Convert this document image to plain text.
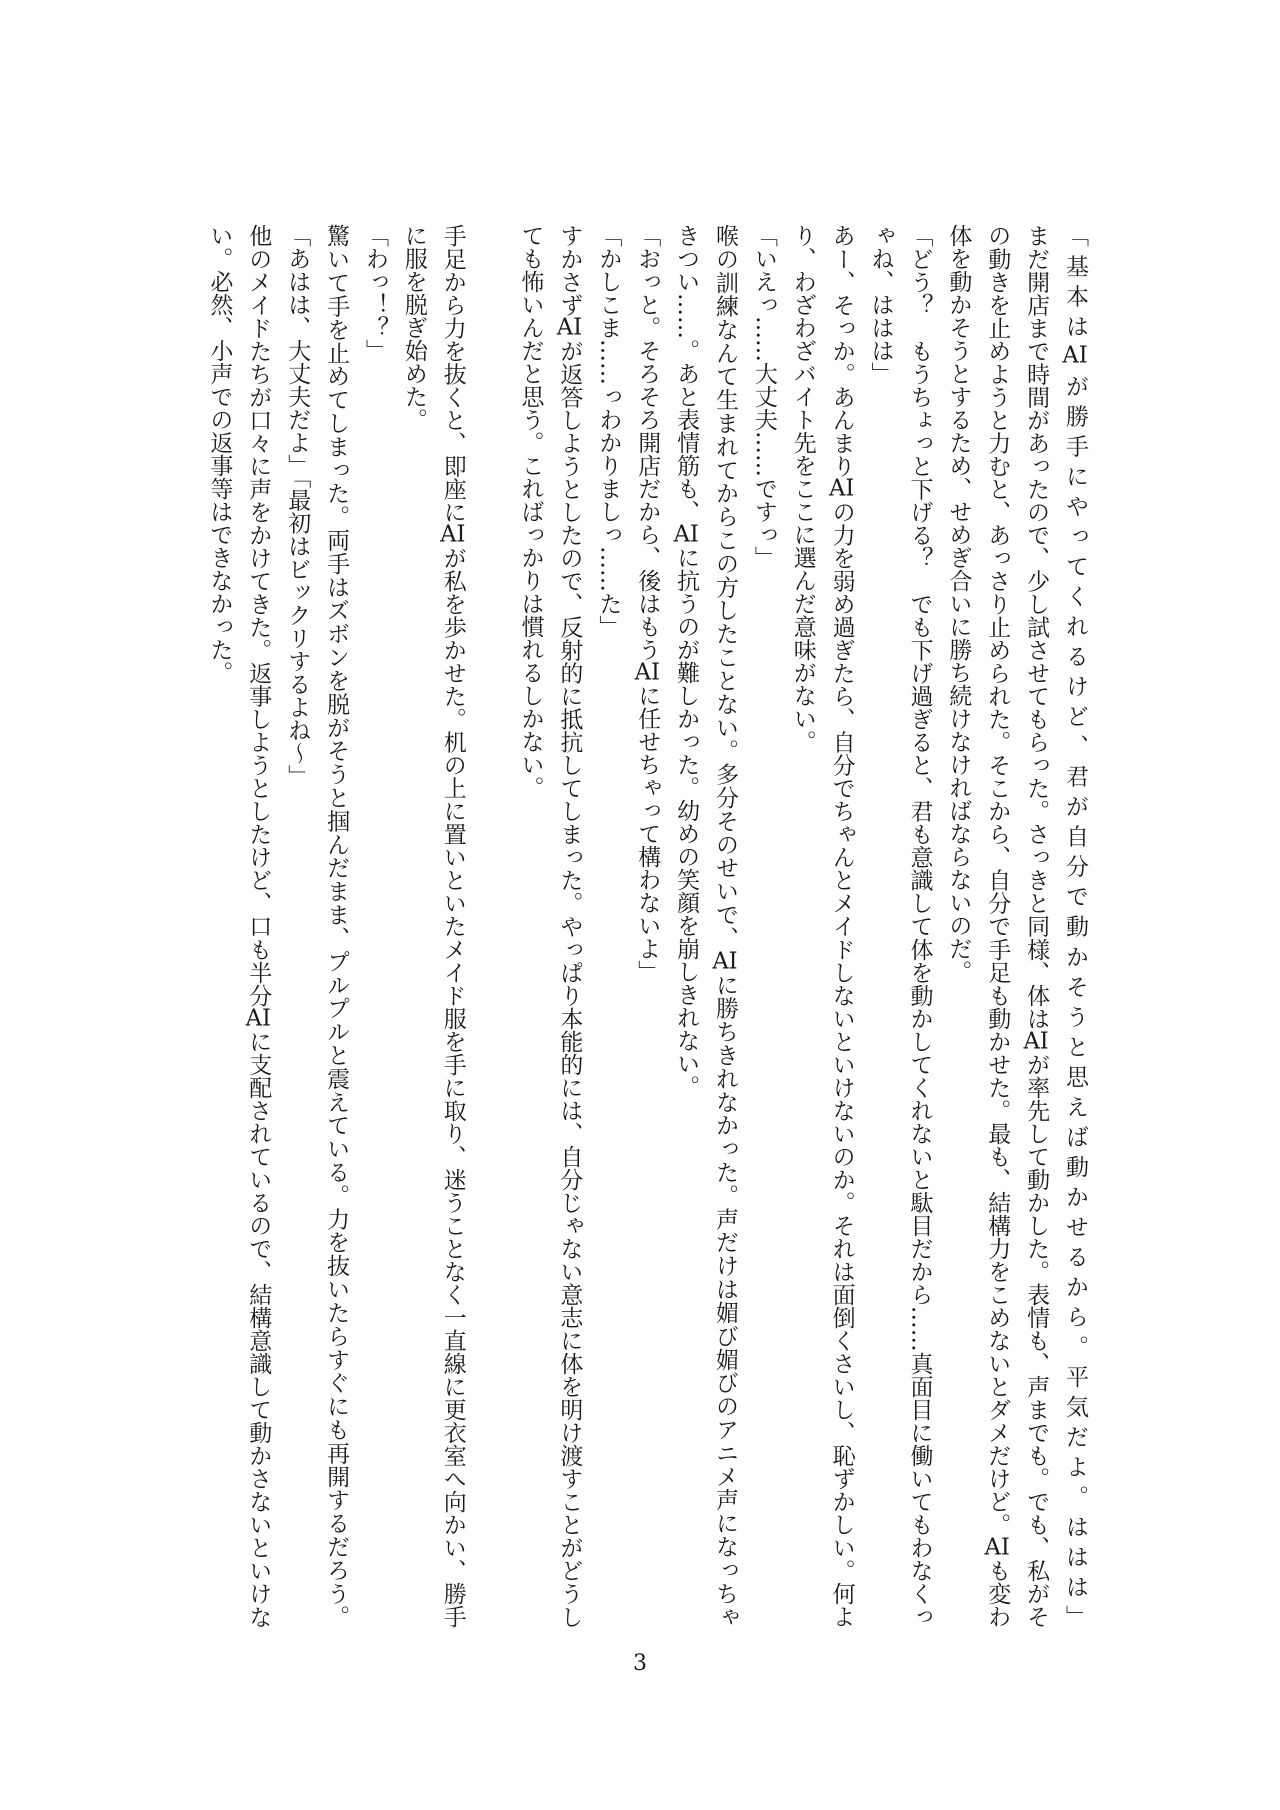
「基本はAIが勝手にやってくれるけど、君が自分で動かそうと思えば動かせるから。平気だよ。ははは」
まだ開店まで時間があったので、少し試させてもらった。さっきと同様、体はAIが率先して動かした。表情も、声までも。でも、私がそ
の動きを止めようと力むと、あっさり止められた。そこから、自分で手足も動かせた。最も、結構力をこめないとダメだけど。AIも変わ
体を動かそうとするため、せめぎ合いに勝ち続けなければならないのだ。
「どう？　もうちょっと下げる？　でも下げ過ぎると、君も意識して体を動かしてくれないと駄目だから……真面目に働いてもわなくっ
ゃね、ははは」
あー、そっか。あんまりAIの力を弱め過ぎたら、自分でちゃんとメイドしないといけないのか。それは面倒くさいし、恥ずかしい。何よ
り、わざわざバイト先をここに選んだ意味がない。
「いえっ……大丈夫……ですっ」
喉の訓練なんて生まれてからこの方したことない。多分そのせいで、AIに勝ちきれなかった。声だけは媚び媚びのアニメ声になっちゃ
きつい……。あと表情筋も、AIに抗うのが難しかった。幼めの笑顔を崩しきれない。
「おっと。そろそろ開店だから、後はもうAIに任せちゃって構わないよ」
「かしこま……っわかりましっ……た」
すかさずAIが返答しようとしたので、反射的に抵抗してしまった。やっぱり本能的には、自分じゃない意志に体を明け渡すことがどうし
ても怖いんだと思う。こればっかりは慣れるしかない。
手足から力を抜くと、即座にAIが私を歩かせた。机の上に置いといたメイド服を手に取り、迷うことなく一直線に更衣室へ向かい、勝手
に服を脱ぎ始めた。
「わっ！？」
驚いて手を止めてしまった。両手はズボンを脱がそうと掴んだまま、プルプルと震えている。力を抜いたらすぐにも再開するだろう。
「あはは、大丈夫だよ」「最初はビックリするよね～」
他のメイドたちが口々に声をかけてきた。返事しようとしたけど、口も半分AIに支配されているので、結構意識して動かさないといけな
い。必然、小声での返事等はできなかった。
3
